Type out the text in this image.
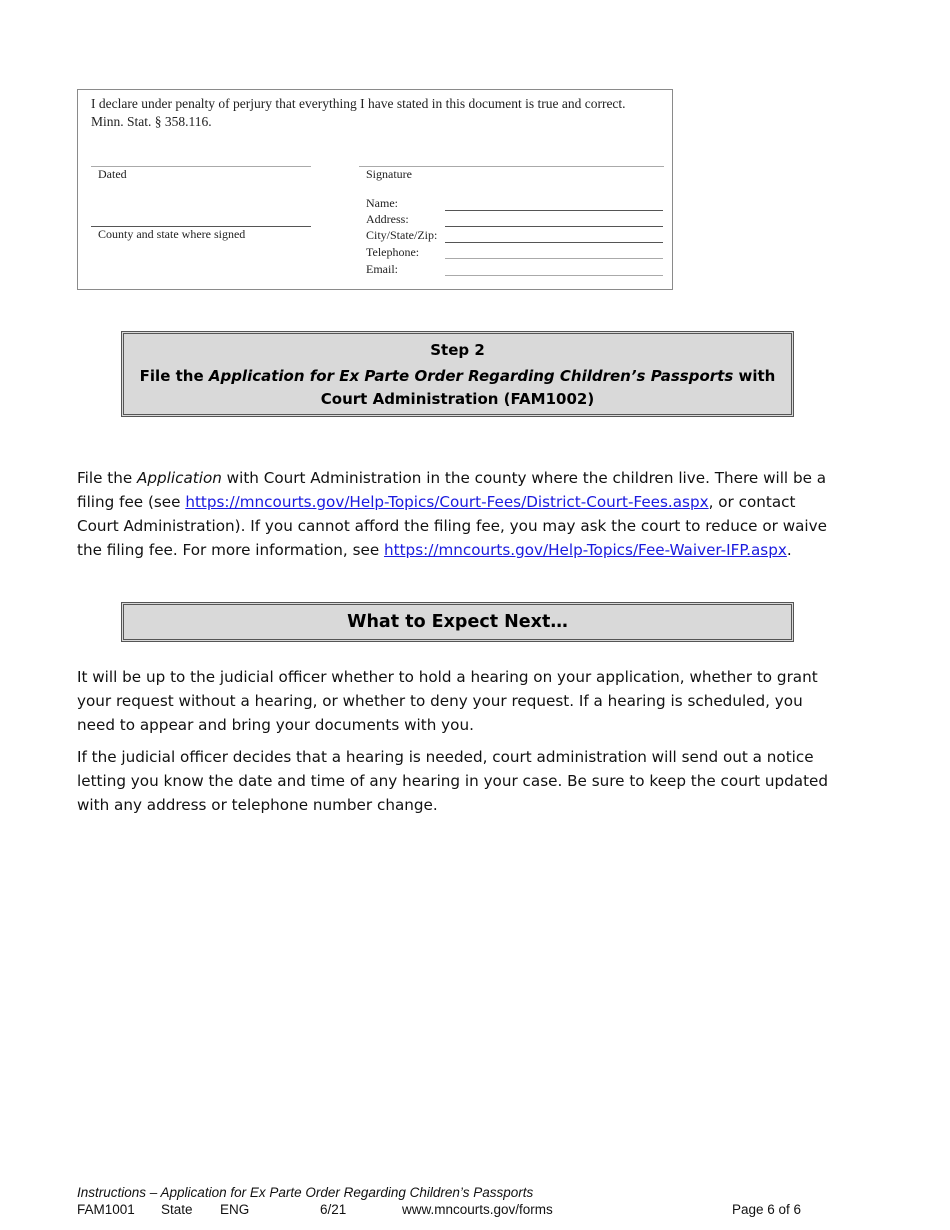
I declare under penalty of perjury that everything I have stated in this document is true and correct. Minn. Stat. § 358.116.
Dated
County and state where signed
Signature
Name:
Address:
City/State/Zip:
Telephone:
Email:
Step 2
File the Application for Ex Parte Order Regarding Children’s Passports with Court Administration (FAM1002)
File the Application with Court Administration in the county where the children live. There will be a filing fee (see https://mncourts.gov/Help-Topics/Court-Fees/District-Court-Fees.aspx, or contact Court Administration). If you cannot afford the filing fee, you may ask the court to reduce or waive the filing fee. For more information, see https://mncourts.gov/Help-Topics/Fee-Waiver-IFP.aspx.
What to Expect Next…
It will be up to the judicial officer whether to hold a hearing on your application, whether to grant your request without a hearing, or whether to deny your request. If a hearing is scheduled, you need to appear and bring your documents with you.
If the judicial officer decides that a hearing is needed, court administration will send out a notice letting you know the date and time of any hearing in your case. Be sure to keep the court updated with any address or telephone number change.
Instructions – Application for Ex Parte Order Regarding Children’s Passports
FAM1001 State ENG	6/21	www.mncourts.gov/forms	Page 6 of 6
